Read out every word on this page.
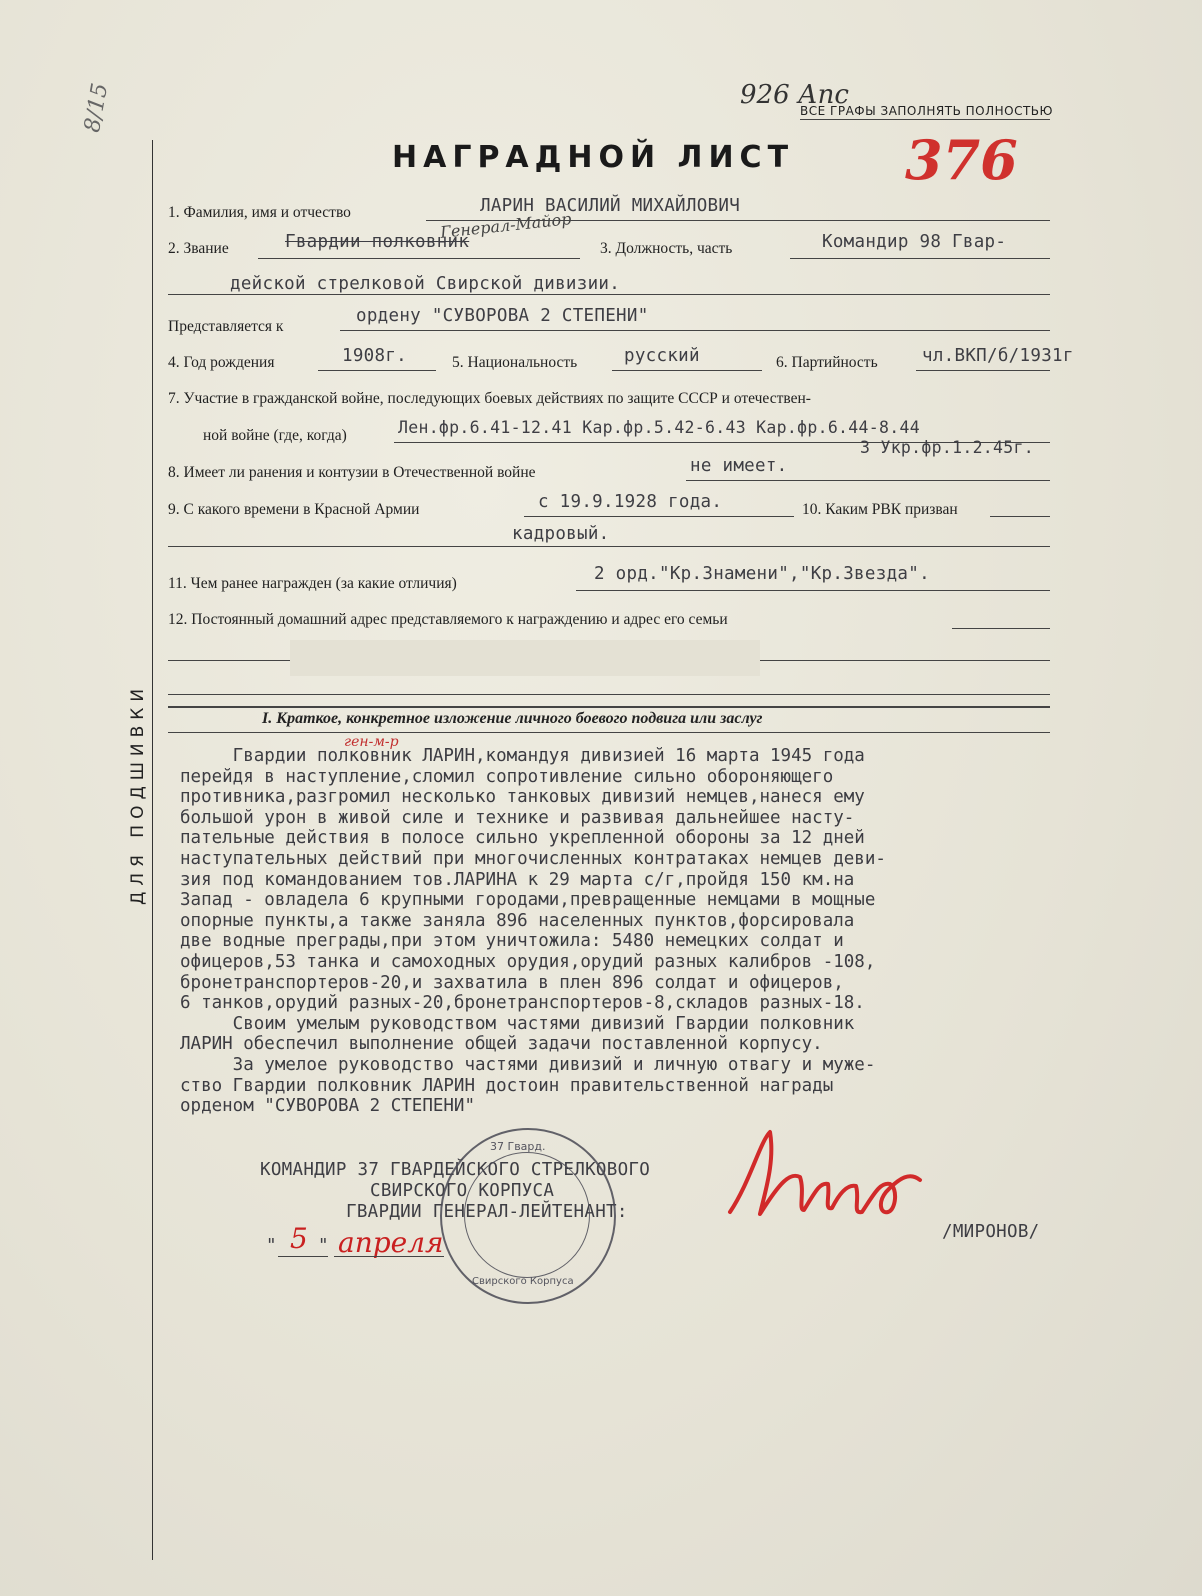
926 Апс
ВСЕ ГРАФЫ ЗАПОЛНЯТЬ ПОЛНОСТЬЮ
8/15
НАГРАДНОЙ ЛИСТ 376
ДЛЯ ПОДШИВКИ
1. Фамилия, имя и отчество	ЛАРИН ВАСИЛИЙ МИХАЙЛОВИЧ
2. Звание	Гвардии полковник
Генерал-Майор
3. Должность, часть	Командир 98 Гвар-
дейской стрелковой Свирской дивизии.
Представляется к
ордену "СУВОРОВА 2 СТЕПЕНИ"
4. Год рождения	1908г.	5. Национальность	русский	6. Партийность	чл.ВКП/б/1931г
7. Участие в гражданской войне, последующих боевых действиях по защите СССР и отечествен-
ной войне (где, когда)	Лен.фр.6.41-12.41 Кар.фр.5.42-6.43 Кар.фр.6.44-8.44
3 Укр.фр.1.2.45г.
8. Имеет ли ранения и контузии в Отечественной войне	не имеет.
9. С какого времени в Красной Армии	с 19.9.1928 года.	10. Каким РВК призван
кадровый.
11. Чем ранее награжден (за какие отличия)	2 орд."Кр.Знамени","Кр.Звезда".
12. Постоянный домашний адрес представляемого к награждению и адрес его семьи
I. Краткое, конкретное изложение личного боевого подвига или заслуг
ген-м-р
Гвардии полковник ЛАРИН,командуя дивизией 16 марта 1945 года
перейдя в наступление,сломил сопротивление сильно обороняющего
противника,разгромил несколько танковых дивизий немцев,нанеся ему
большой урон в живой силе и технике и развивая дальнейшее насту-
пательные действия в полосе сильно укрепленной обороны за 12 дней
наступательных действий при многочисленных контратаках немцев деви-
зия под командованием тов.ЛАРИНА к 29 марта с/г,пройдя 150 км.на
Запад - овладела 6 крупными городами,превращенные немцами в мощные
опорные пункты,а также заняла 896 населенных пунктов,форсировала
две водные преграды,при этом уничтожила: 5480 немецких солдат и
офицеров,53 танка и самоходных орудия,орудий разных калибров -108,
бронетранспортеров-20,и захватила в плен 896 солдат и офицеров,
6 танков,орудий разных-20,бронетранспортеров-8,складов разных-18.
Своим умелым руководством частями дивизий Гвардии полковник
ЛАРИН обеспечил выполнение общей задачи поставленной корпусу.
За умелое руководство частями дивизий и личную отвагу и муже-
ство Гвардии полковник ЛАРИН достоин правительственной награды
орденом "СУВОРОВА 2 СТЕПЕНИ"
КОМАНДИР 37 ГВАРДЕЙСКОГО СТРЕЛКОВОГО
СВИРСКОГО КОРПУСА
ГВАРДИИ ГЕНЕРАЛ-ЛЕЙТЕНАНТ:
37 Гвард.
Свирского Корпуса
/МИРОНОВ/
" 5 " апреля
